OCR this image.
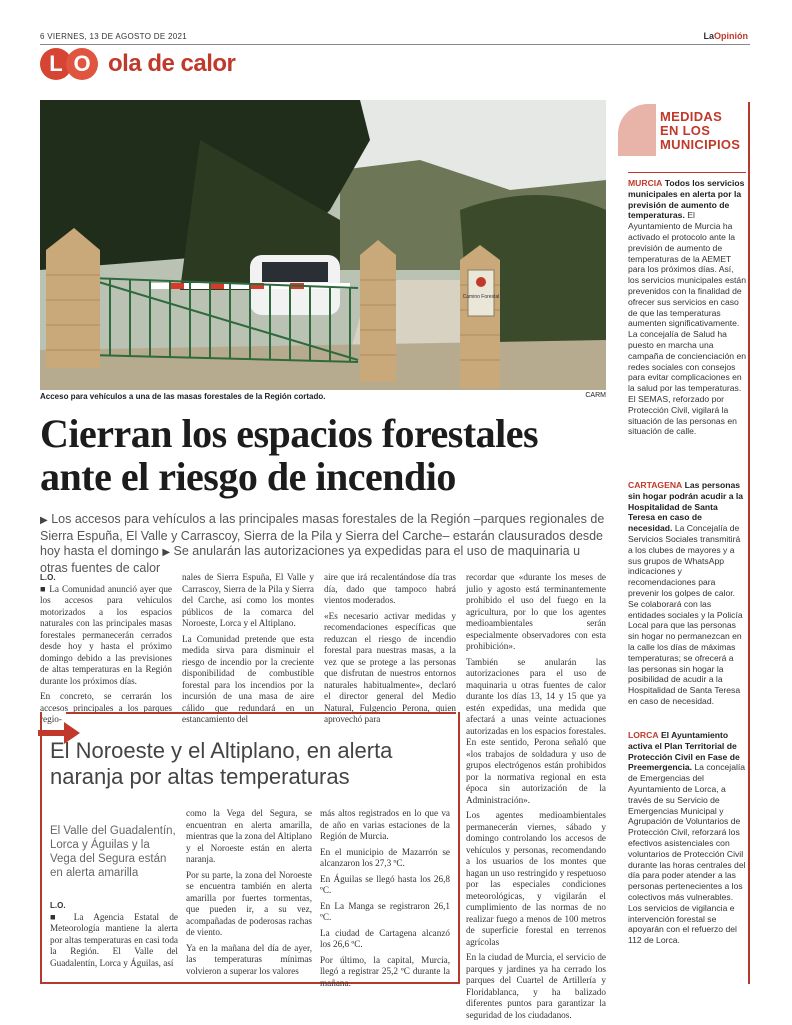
6 VIERNES, 13 DE AGOSTO DE 2021	LaOpinión
L O ola de calor
Camino Forestal
Acceso para vehículos a una de las masas forestales de la Región cortado.	CARM
Cierran los espacios forestales ante el riesgo de incendio
▶ Los accesos para vehículos a las principales masas forestales de la Región –parques regionales de Sierra Espuña, El Valle y Carrascoy, Sierra de la Pila y Sierra del Carche– estarán clausurados desde hoy hasta el domingo ▶ Se anularán las autorizaciones ya expedidas para el uso de maquinaria u otras fuentes de calor
L.O.

■ La Comunidad anunció ayer que los accesos para vehículos motorizados a los espacios naturales con las principales masas forestales permanecerán cerrados desde hoy y hasta el próximo domingo debido a las previsiones de altas temperaturas en la Región durante los próximos días.

En concreto, se cerrarán los accesos principales a los parques regio-

nales de Sierra Espuña, El Valle y Carrascoy, Sierra de la Pila y Sierra del Carche, así como los montes públicos de la comarca del Noroeste, Lorca y el Altiplano.

La Comunidad pretende que esta medida sirva para disminuir el riesgo de incendio por la creciente disponibilidad de combustible forestal para los incendios por la incursión de una masa de aire cálido que redundará en un estancamiento del

aire que irá recalentándose día tras día, dado que tampoco habrá vientos moderados.

«Es necesario activar medidas y recomendaciones específicas que reduzcan el riesgo de incendio forestal para nuestras masas, a la vez que se protege a las personas que disfrutan de nuestros entornos naturales habitualmente», declaró el director general del Medio Natural, Fulgencio Perona, quien aprovechó para

recordar que «durante los meses de julio y agosto está terminantemente prohibido el uso del fuego en la agricultura, por lo que los agentes medioambientales serán especialmente observadores con esta prohibición».

También se anularán las autorizaciones para el uso de maquinaria u otras fuentes de calor durante los días 13, 14 y 15 que ya estén expedidas, una medida que afectará a unas veinte actuaciones autorizadas en los espacios forestales. En este sentido, Perona señaló que «los trabajos de soldadura y uso de grupos electrógenos están prohibidos por la normativa regional en esta época sin autorización de la Administración».

Los agentes medioambientales permanecerán viernes, sábado y domingo controlando los accesos de vehículos y personas, recomendando a los usuarios de los montes que hagan un uso restringido y respetuoso por las especiales condiciones meteorológicas, y vigilarán el cumplimiento de las normas de no realizar fuego a menos de 100 metros de superficie forestal en terrenos agrícolas

En la ciudad de Murcia, el servicio de parques y jardines ya ha cerrado los parques del Cuartel de Artillería y Floridablanca, y ha balizado diferentes puntos para garantizar la seguridad de los ciudadanos.

El Noroeste y el Altiplano, en alerta naranja por altas temperaturas
El Valle del Guadalentín, Lorca y Águilas y la Vega del Segura están en alerta amarilla
L.O.

■ La Agencia Estatal de Meteorología mantiene la alerta por altas temperaturas en casi toda la Región. El Valle del Guadalentín, Lorca y Águilas, así

como la Vega del Segura, se encuentran en alerta amarilla, mientras que la zona del Altiplano y el Noroeste están en alerta naranja.

Por su parte, la zona del Noroeste se encuentra también en alerta amarilla por fuertes tormentas, que pueden ir, a su vez, acompañadas de poderosas rachas de viento.

Ya en la mañana del día de ayer, las temperaturas mínimas volvieron a superar los valores

más altos registrados en lo que va de año en varias estaciones de la Región de Murcia.

En el municipio de Mazarrón se alcanzaron los 27,3 ºC.

En Águilas se llegó hasta los 26,8 ºC.

En La Manga se registraron 26,1 ºC.

La ciudad de Cartagena alcanzó los 26,6 ºC.

Por último, la capital, Murcia, llegó a registrar 25,2 ºC durante la mañana.

MEDIDAS EN LOS MUNICIPIOS
MURCIA Todos los servicios municipales en alerta por la previsión de aumento de temperaturas. El Ayuntamiento de Murcia ha activado el protocolo ante la previsión de aumento de temperaturas de la AEMET para los próximos días. Así, los servicios municipales están prevenidos con la finalidad de ofrecer sus servicios en caso de que las temperaturas aumenten significativamente. La concejalía de Salud ha puesto en marcha una campaña de concienciación en redes sociales con consejos para evitar complicaciones en la salud por las temperaturas. El SEMAS, reforzado por Protección Civil, vigilará la situación de las personas en situación de calle.
CARTAGENA Las personas sin hogar podrán acudir a la Hospitalidad de Santa Teresa en caso de necesidad. La Concejalía de Servicios Sociales transmitirá a los clubes de mayores y a sus grupos de WhatsApp indicaciones y recomendaciones para prevenir los golpes de calor. Se colaborará con las entidades sociales y la Policía Local para que las personas sin hogar no permanezcan en la calle los días de máximas temperaturas; se ofrecerá a las personas sin hogar la posibilidad de acudir a la Hospitalidad de Santa Teresa en caso de necesidad.
LORCA El Ayuntamiento activa el Plan Territorial de Protección Civil en Fase de Preemergencia. La concejalía de Emergencias del Ayuntamiento de Lorca, a través de su Servicio de Emergencias Municipal y Agrupación de Voluntarios de Protección Civil, reforzará los efectivos asistenciales con voluntarios de Protección Civil durante las horas centrales del día para poder atender a las personas pertenecientes a los colectivos más vulnerables. Los servicios de vigilancia e intervención forestal se apoyarán con el refuerzo del 112 de Lorca.
